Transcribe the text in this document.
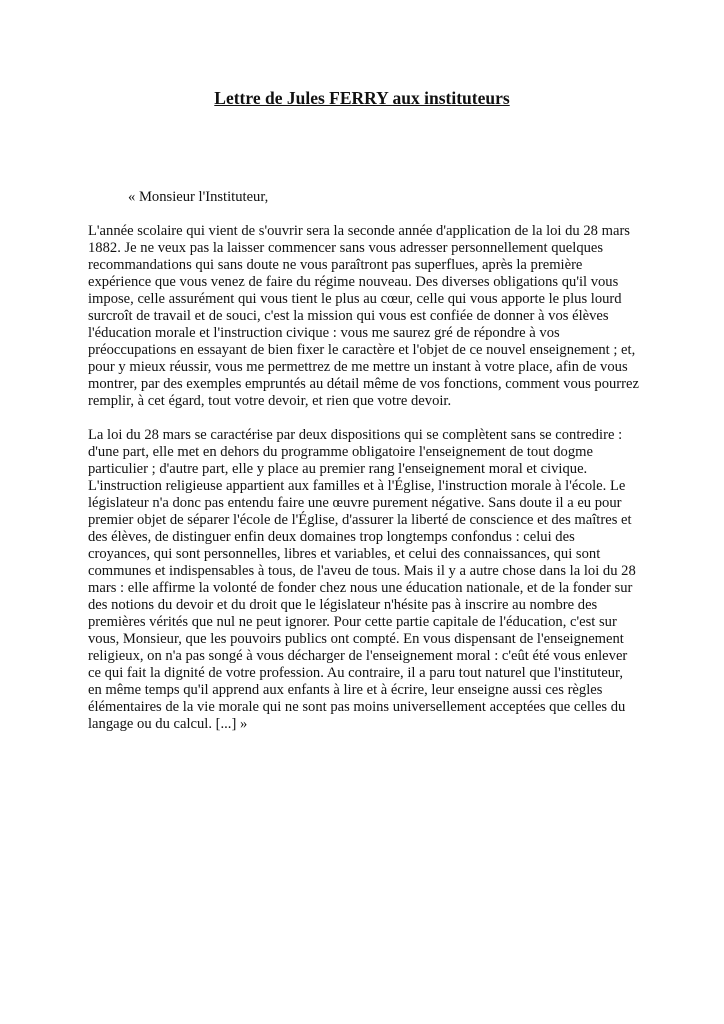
Lettre de Jules FERRY aux instituteurs

« Monsieur l'Instituteur,

L'année scolaire qui vient de s'ouvrir sera la seconde année d'application de la loi du 28 mars
1882. Je ne veux pas la laisser commencer sans vous adresser personnellement quelques
recommandations qui sans doute ne vous paraîtront pas superflues, après la première
expérience que vous venez de faire du régime nouveau. Des diverses obligations qu'il vous
impose, celle assurément qui vous tient le plus au cœur, celle qui vous apporte le plus lourd
surcroît de travail et de souci, c'est la mission qui vous est confiée de donner à vos élèves
l'éducation morale et l'instruction civique : vous me saurez gré de répondre à vos
préoccupations en essayant de bien fixer le caractère et l'objet de ce nouvel enseignement ; et,
pour y mieux réussir, vous me permettrez de me mettre un instant à votre place, afin de vous
montrer, par des exemples empruntés au détail même de vos fonctions, comment vous pourrez
remplir, à cet égard, tout votre devoir, et rien que votre devoir.
La loi du 28 mars se caractérise par deux dispositions qui se complètent sans se contredire :
d'une part, elle met en dehors du programme obligatoire l'enseignement de tout dogme
particulier ; d'autre part, elle y place au premier rang l'enseignement moral et civique.
L'instruction religieuse appartient aux familles et à l'Église, l'instruction morale à l'école. Le
législateur n'a donc pas entendu faire une œuvre purement négative. Sans doute il a eu pour
premier objet de séparer l'école de l'Église, d'assurer la liberté de conscience et des maîtres et
des élèves, de distinguer enfin deux domaines trop longtemps confondus : celui des
croyances, qui sont personnelles, libres et variables, et celui des connaissances, qui sont
communes et indispensables à tous, de l'aveu de tous. Mais il y a autre chose dans la loi du 28
mars : elle affirme la volonté de fonder chez nous une éducation nationale, et de la fonder sur
des notions du devoir et du droit que le législateur n'hésite pas à inscrire au nombre des
premières vérités que nul ne peut ignorer. Pour cette partie capitale de l'éducation, c'est sur
vous, Monsieur, que les pouvoirs publics ont compté. En vous dispensant de l'enseignement
religieux, on n'a pas songé à vous décharger de l'enseignement moral : c'eût été vous enlever
ce qui fait la dignité de votre profession. Au contraire, il a paru tout naturel que l'instituteur,
en même temps qu'il apprend aux enfants à lire et à écrire, leur enseigne aussi ces règles
élémentaires de la vie morale qui ne sont pas moins universellement acceptées que celles du
langage ou du calcul. [...] »
